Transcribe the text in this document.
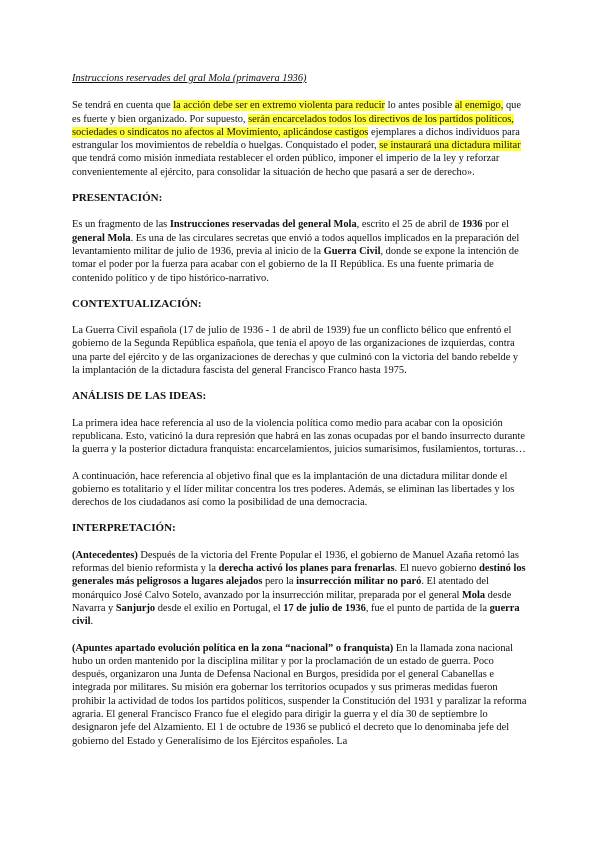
Instruccions reservades del gral Mola (primavera 1936)

Se tendrá en cuenta que la acción debe ser en extremo violenta para reducir lo antes posible al enemigo, que es fuerte y bien organizado. Por supuesto, serán encarcelados todos los directivos de los partidos políticos, sociedades o sindicatos no afectos al Movimiento, aplicándose castigos ejemplares a dichos individuos para estrangular los movimientos de rebeldía o huelgas. Conquistado el poder, se instaurará una dictadura militar que tendrá como misión inmediata restablecer el orden público, imponer el imperio de la ley y reforzar convenientemente al ejército, para consolidar la situación de hecho que pasará a ser de derecho».

PRESENTACIÓN:

Es un fragmento de las Instrucciones reservadas del general Mola, escrito el 25 de abril de 1936 por el general Mola. Es una de las circulares secretas que envió a todos aquellos implicados en la preparación del levantamiento militar de julio de 1936, previa al inicio de la Guerra Civil, donde se expone la intención de tomar el poder por la fuerza para acabar con el gobierno de la II República. Es una fuente primaria de contenido político y de tipo histórico-narrativo.

CONTEXTUALIZACIÓN:

La Guerra Civil española (17 de julio de 1936 - 1 de abril de 1939) fue un conflicto bélico que enfrentó el gobierno de la Segunda República española, que tenía el apoyo de las organizaciones de izquierdas, contra una parte del ejército y de las organizaciones de derechas y que culminó con la victoria del bando rebelde y la implantación de la dictadura fascista del general Francisco Franco hasta 1975.

ANÁLISIS DE LAS IDEAS:

La primera idea hace referencia al uso de la violencia política como medio para acabar con la oposición republicana. Esto, vaticinó la dura represión que habrá en las zonas ocupadas por el bando insurrecto durante la guerra y la posterior dictadura franquista: encarcelamientos, juicios sumarísimos, fusilamientos, torturas…

A continuación, hace referencia al objetivo final que es la implantación de una dictadura militar donde el gobierno es totalitario y el líder militar concentra los tres poderes. Además, se eliminan las libertades y los derechos de los ciudadanos así como la posibilidad de una democracia.

INTERPRETACIÓN:

(Antecedentes) Después de la victoria del Frente Popular el 1936, el gobierno de Manuel Azaña retomó las reformas del bienio reformista y la derecha activó los planes para frenarlas. El nuevo gobierno destinó los generales más peligrosos a lugares alejados pero la insurrección militar no paró. El atentado del monárquico José Calvo Sotelo, avanzado por la insurrección militar, preparada por el general Mola desde Navarra y Sanjurjo desde el exilio en Portugal, el 17 de julio de 1936, fue el punto de partida de la guerra civil.

(Apuntes apartado evolución política en la zona “nacional” o franquista) En la llamada zona nacional hubo un orden mantenido por la disciplina militar y por la proclamación de un estado de guerra. Poco después, organizaron una Junta de Defensa Nacional en Burgos, presidida por el general Cabanellas e integrada por militares. Su misión era gobernar los territorios ocupados y sus primeras medidas fueron prohibir la actividad de todos los partidos políticos, suspender la Constitución del 1931 y paralizar la reforma agraria. El general Francisco Franco fue el elegido para dirigir la guerra y el día 30 de septiembre lo designaron jefe del Alzamiento. El 1 de octubre de 1936 se publicó el decreto que lo denominaba jefe del gobierno del Estado y Generalísimo de los Ejércitos españoles. La
